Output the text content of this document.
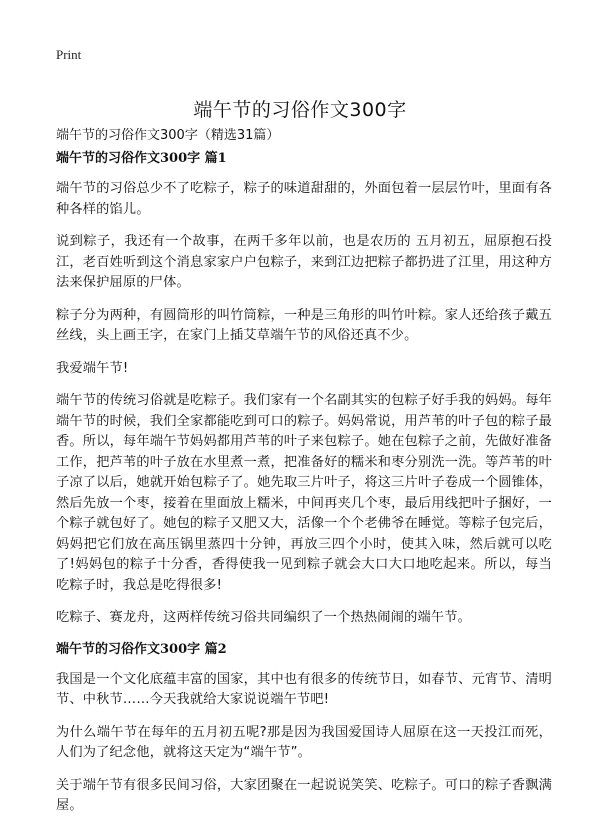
Print
端午节的习俗作文300字
端午节的习俗作文300字（精选31篇）
端午节的习俗作文300字 篇1

端午节的习俗总少不了吃粽子，粽子的味道甜甜的，外面包着一层层竹叶，里面有各种各样的馅儿。

说到粽子，我还有一个故事，在两千多年以前，也是农历的 五月初五，屈原抱石投江，老百姓听到这个消息家家户户包粽子，来到江边把粽子都扔进了江里，用这种方法来保护屈原的尸体。

粽子分为两种，有圆筒形的叫竹筒粽，一种是三角形的叫竹叶粽。家人还给孩子戴五丝线，头上画王字，在家门上插艾草端午节的风俗还真不少。

我爱端午节!

端午节的传统习俗就是吃粽子。我们家有一个名副其实的包粽子好手我的妈妈。每年端午节的时候，我们全家都能吃到可口的粽子。妈妈常说，用芦苇的叶子包的粽子最香。所以，每年端午节妈妈都用芦苇的叶子来包粽子。她在包粽子之前，先做好准备工作，把芦苇的叶子放在水里煮一煮，把准备好的糯米和枣分别洗一洗。等芦苇的叶子凉了以后，她就开始包粽子了。她先取三片叶子，将这三片叶子卷成一个圆锥体，然后先放一个枣，接着在里面放上糯米，中间再夹几个枣，最后用线把叶子捆好，一个粽子就包好了。她包的粽子又肥又大，活像一个个老佛爷在睡觉。等粽子包完后，妈妈把它们放在高压锅里蒸四十分钟，再放三四个小时，使其入味，然后就可以吃了!妈妈包的粽子十分香，香得使我一见到粽子就会大口大口地吃起来。所以，每当吃粽子时，我总是吃得很多!

吃粽子、赛龙舟，这两样传统习俗共同编织了一个热热闹闹的端午节。

端午节的习俗作文300字 篇2

我国是一个文化底蕴丰富的国家，其中也有很多的传统节日，如春节、元宵节、清明节、中秋节……今天我就给大家说说端午节吧!

为什么端午节在每年的五月初五呢?那是因为我国爱国诗人屈原在这一天投江而死，人们为了纪念他，就将这天定为“端午节”。

关于端午节有很多民间习俗，大家团聚在一起说说笑笑、吃粽子。可口的粽子香飘满屋。
